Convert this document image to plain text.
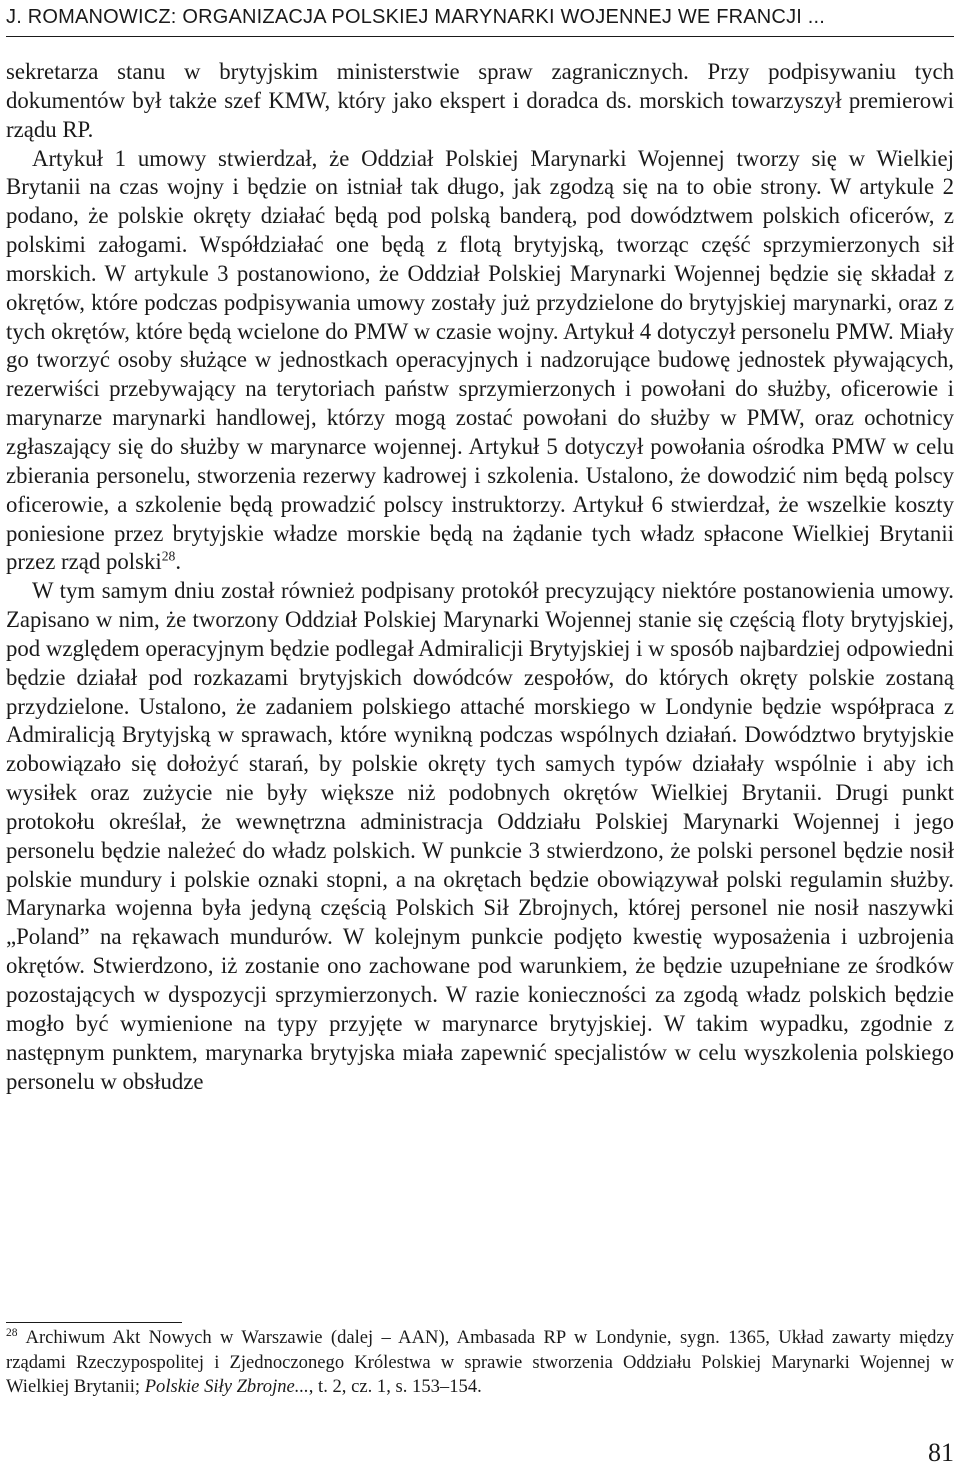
J. ROMANOWICZ: ORGANIZACJA POLSKIEJ MARYNARKI WOJENNEJ WE FRANCJI ...

sekretarza stanu w brytyjskim ministerstwie spraw zagranicznych. Przy podpisywaniu tych dokumentów był także szef KMW, który jako ekspert i doradca ds. morskich towarzyszył premierowi rządu RP.

Artykuł 1 umowy stwierdzał, że Oddział Polskiej Marynarki Wojennej tworzy się w Wielkiej Brytanii na czas wojny i będzie on istniał tak długo, jak zgodzą się na to obie strony. W artykule 2 podano, że polskie okręty działać będą pod polską banderą, pod dowództwem polskich oficerów, z polskimi załogami. Współdziałać one będą z flotą brytyjską, tworząc część sprzymierzonych sił morskich. W artykule 3 postanowiono, że Oddział Polskiej Marynarki Wojennej będzie się składał z okrętów, które podczas podpisywania umowy zostały już przydzielone do brytyjskiej marynarki, oraz z tych okrętów, które będą wcielone do PMW w czasie wojny. Artykuł 4 dotyczył personelu PMW. Miały go tworzyć osoby służące w jednostkach operacyjnych i nadzorujące budowę jednostek pływających, rezerwiści przebywający na terytoriach państw sprzymierzonych i powołani do służby, oficerowie i marynarze marynarki handlowej, którzy mogą zostać powołani do służby w PMW, oraz ochotnicy zgłaszający się do służby w marynarce wojennej. Artykuł 5 dotyczył powołania ośrodka PMW w celu zbierania personelu, stworzenia rezerwy kadrowej i szkolenia. Ustalono, że dowodzić nim będą polscy oficerowie, a szkolenie będą prowadzić polscy instruktorzy. Artykuł 6 stwierdzał, że wszelkie koszty poniesione przez brytyjskie władze morskie będą na żądanie tych władz spłacone Wielkiej Brytanii przez rząd polski$^{28}$.

W tym samym dniu został również podpisany protokół precyzujący niektóre postanowienia umowy. Zapisano w nim, że tworzony Oddział Polskiej Marynarki Wojennej stanie się częścią floty brytyjskiej, pod względem operacyjnym będzie podlegał Admiralicji Brytyjskiej i w sposób najbardziej odpowiedni będzie działał pod rozkazami brytyjskich dowódców zespołów, do których okręty polskie zostaną przydzielone. Ustalono, że zadaniem polskiego attaché morskiego w Londynie będzie współpraca z Admiralicją Brytyjską w sprawach, które wynikną podczas wspólnych działań. Dowództwo brytyjskie zobowiązało się dołożyć starań, by polskie okręty tych samych typów działały wspólnie i aby ich wysiłek oraz zużycie nie były większe niż podobnych okrętów Wielkiej Brytanii. Drugi punkt protokołu określał, że wewnętrzna administracja Oddziału Polskiej Marynarki Wojennej i jego personelu będzie należeć do władz polskich. W punkcie 3 stwierdzono, że polski personel będzie nosił polskie mundury i polskie oznaki stopni, a na okrętach będzie obowiązywał polski regulamin służby. Marynarka wojenna była jedyną częścią Polskich Sił Zbrojnych, której personel nie nosił naszywki „Poland” na rękawach mundurów. W kolejnym punkcie podjęto kwestię wyposażenia i uzbrojenia okrętów. Stwierdzono, iż zostanie ono zachowane pod warunkiem, że będzie uzupełniane ze środków pozostających w dyspozycji sprzymierzonych. W razie konieczności za zgodą władz polskich będzie mogło być wymienione na typy przyjęte w marynarce brytyjskiej. W takim wypadku, zgodnie z następnym punktem, marynarka brytyjska miała zapewnić specjalistów w celu wyszkolenia polskiego personelu w obsłudze

$^{28}$ Archiwum Akt Nowych w Warszawie (dalej – AAN), Ambasada RP w Londynie, sygn. 1365, Układ zawarty między rządami Rzeczypospolitej i Zjednoczonego Królestwa w sprawie stworzenia Oddziału Polskiej Marynarki Wojennej w Wielkiej Brytanii; Polskie Siły Zbrojne..., t. 2, cz. 1, s. 153–154.

81
